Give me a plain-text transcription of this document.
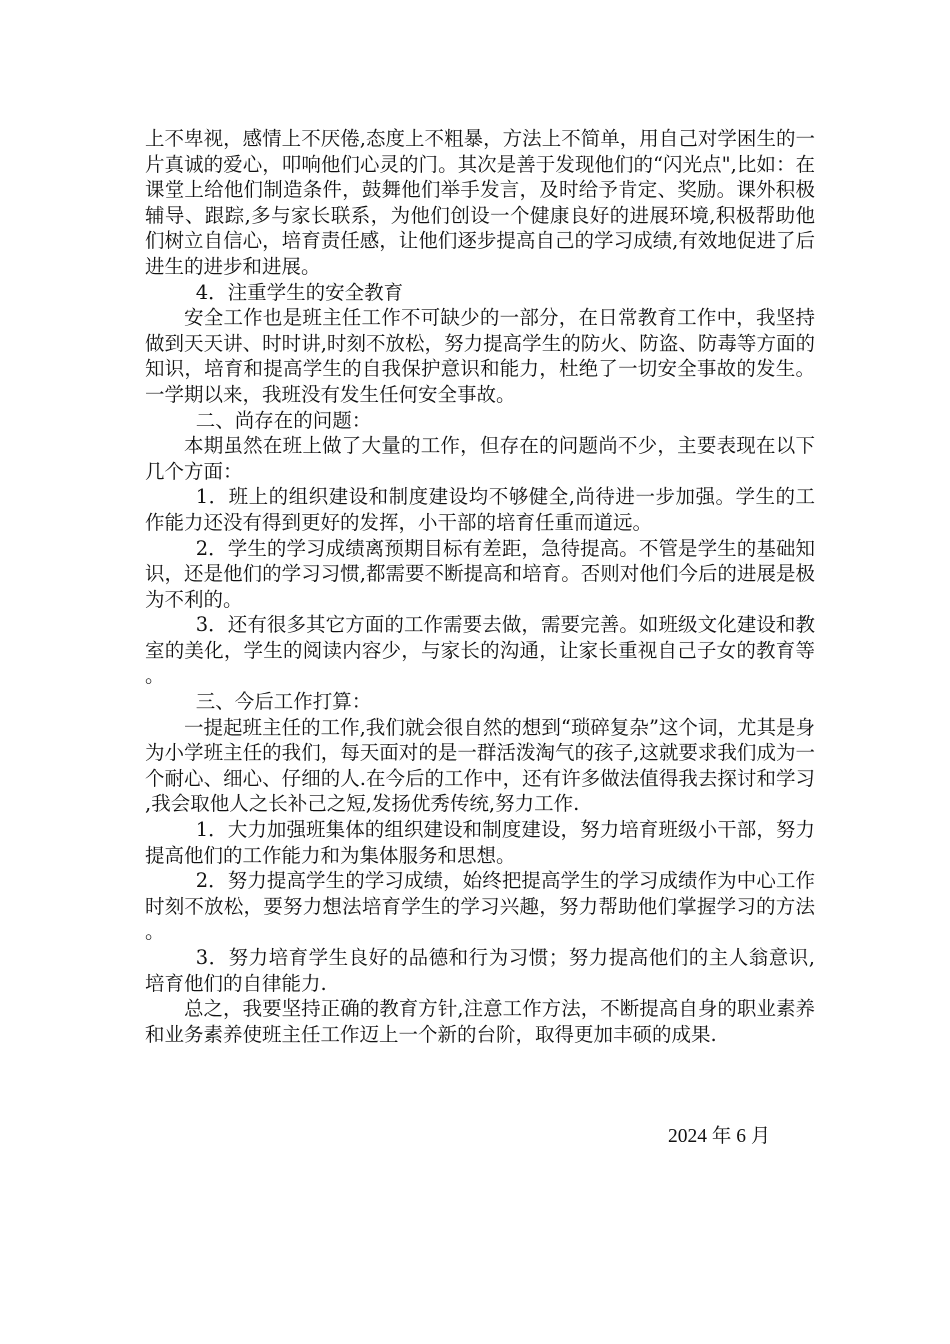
上不卑视，感情上不厌倦,态度上不粗暴，方法上不简单，用自己对学困生的一片真诚的爱心，叩响他们心灵的门。其次是善于发现他们的“闪光点",比如：在课堂上给他们制造条件，鼓舞他们举手发言，及时给予肯定、奖励。课外积极辅导、跟踪,多与家长联系，为他们创设一个健康良好的进展环境,积极帮助他们树立自信心，培育责任感，让他们逐步提高自己的学习成绩,有效地促进了后进生的进步和进展。

4．注重学生的安全教育

安全工作也是班主任工作不可缺少的一部分，在日常教育工作中，我坚持做到天天讲、时时讲,时刻不放松，努力提高学生的防火、防盗、防毒等方面的知识，培育和提高学生的自我保护意识和能力，杜绝了一切安全事故的发生。一学期以来，我班没有发生任何安全事故。

二、尚存在的问题：

本期虽然在班上做了大量的工作，但存在的问题尚不少，主要表现在以下几个方面：

1．班上的组织建设和制度建设均不够健全,尚待进一步加强。学生的工作能力还没有得到更好的发挥，小干部的培育任重而道远。

2．学生的学习成绩离预期目标有差距，急待提高。不管是学生的基础知识，还是他们的学习习惯,都需要不断提高和培育。否则对他们今后的进展是极为不利的。

3．还有很多其它方面的工作需要去做，需要完善。如班级文化建设和教室的美化，学生的阅读内容少，与家长的沟通，让家长重视自己子女的教育等。

三、今后工作打算：

一提起班主任的工作,我们就会很自然的想到“琐碎复杂”这个词，尤其是身为小学班主任的我们，每天面对的是一群活泼淘气的孩子,这就要求我们成为一个耐心、细心、仔细的人.在今后的工作中，还有许多做法值得我去探讨和学习,我会取他人之长补己之短,发扬优秀传统,努力工作.

1．大力加强班集体的组织建设和制度建设，努力培育班级小干部，努力提高他们的工作能力和为集体服务和思想。

2．努力提高学生的学习成绩，始终把提高学生的学习成绩作为中心工作时刻不放松，要努力想法培育学生的学习兴趣，努力帮助他们掌握学习的方法。

3．努力培育学生良好的品德和行为习惯；努力提高他们的主人翁意识,培育他们的自律能力.

总之，我要坚持正确的教育方针,注意工作方法，不断提高自身的职业素养和业务素养使班主任工作迈上一个新的台阶，取得更加丰硕的成果.

2024 年 6 月
